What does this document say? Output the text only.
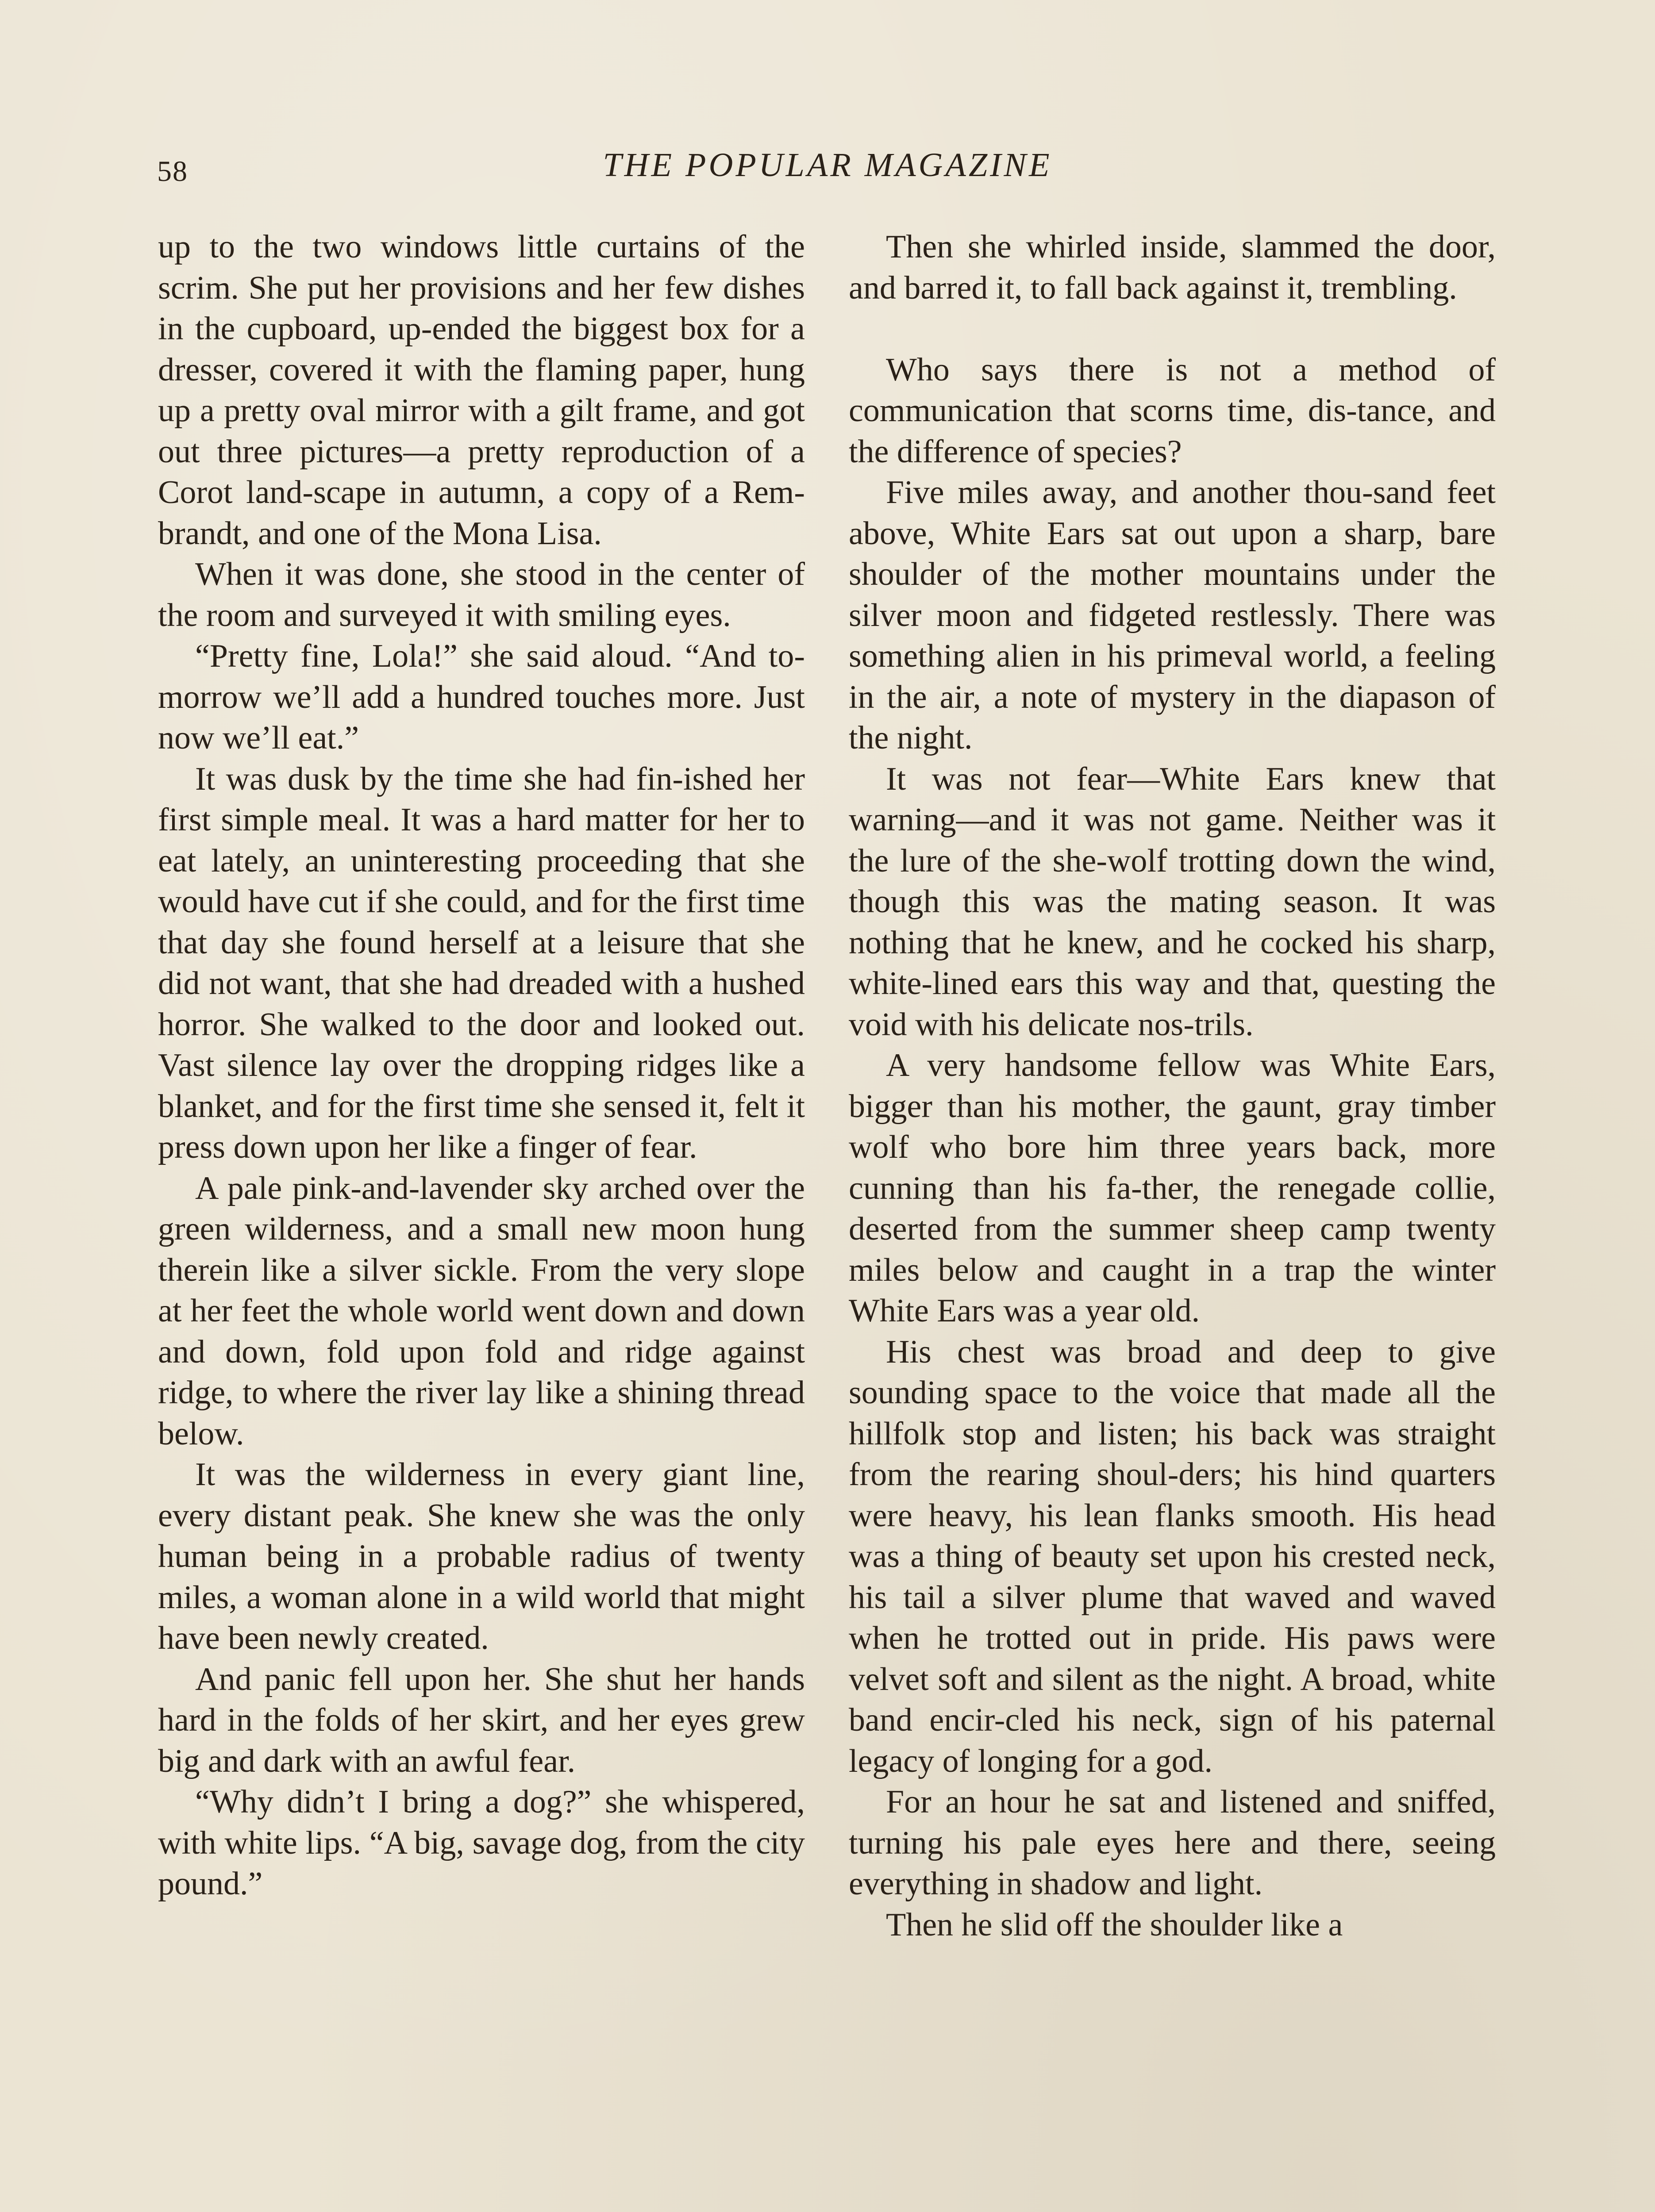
58	THE POPULAR MAGAZINE

up to the two windows little curtains of the scrim. She put her provisions and her few dishes in the cupboard, up-ended the biggest box for a dresser, covered it with the flaming paper, hung up a pretty oval mirror with a gilt frame, and got out three pictures—a pretty reproduction of a Corot land-scape in autumn, a copy of a Rem-brandt, and one of the Mona Lisa.

When it was done, she stood in the center of the room and surveyed it with smiling eyes.

“Pretty fine, Lola!” she said aloud. “And to-morrow we’ll add a hundred touches more. Just now we’ll eat.”

It was dusk by the time she had fin-ished her first simple meal. It was a hard matter for her to eat lately, an uninteresting proceeding that she would have cut if she could, and for the first time that day she found herself at a leisure that she did not want, that she had dreaded with a hushed horror. She walked to the door and looked out. Vast silence lay over the dropping ridges like a blanket, and for the first time she sensed it, felt it press down upon her like a finger of fear.

A pale pink-and-lavender sky arched over the green wilderness, and a small new moon hung therein like a silver sickle. From the very slope at her feet the whole world went down and down and down, fold upon fold and ridge against ridge, to where the river lay like a shining thread below.

It was the wilderness in every giant line, every distant peak. She knew she was the only human being in a probable radius of twenty miles, a woman alone in a wild world that might have been newly created.

And panic fell upon her. She shut her hands hard in the folds of her skirt, and her eyes grew big and dark with an awful fear.

“Why didn’t I bring a dog?” she whispered, with white lips. “A big, savage dog, from the city pound.”

Then she whirled inside, slammed the door, and barred it, to fall back against it, trembling.

Who says there is not a method of communication that scorns time, dis-tance, and the difference of species?

Five miles away, and another thou-sand feet above, White Ears sat out upon a sharp, bare shoulder of the mother mountains under the silver moon and fidgeted restlessly. There was something alien in his primeval world, a feeling in the air, a note of mystery in the diapason of the night.

It was not fear—White Ears knew that warning—and it was not game. Neither was it the lure of the she-wolf trotting down the wind, though this was the mating season. It was nothing that he knew, and he cocked his sharp, white-lined ears this way and that, questing the void with his delicate nos-trils.

A very handsome fellow was White Ears, bigger than his mother, the gaunt, gray timber wolf who bore him three years back, more cunning than his fa-ther, the renegade collie, deserted from the summer sheep camp twenty miles below and caught in a trap the winter White Ears was a year old.

His chest was broad and deep to give sounding space to the voice that made all the hillfolk stop and listen; his back was straight from the rearing shoul-ders; his hind quarters were heavy, his lean flanks smooth. His head was a thing of beauty set upon his crested neck, his tail a silver plume that waved and waved when he trotted out in pride. His paws were velvet soft and silent as the night. A broad, white band encir-cled his neck, sign of his paternal legacy of longing for a god.

For an hour he sat and listened and sniffed, turning his pale eyes here and there, seeing everything in shadow and light.

Then he slid off the shoulder like a
